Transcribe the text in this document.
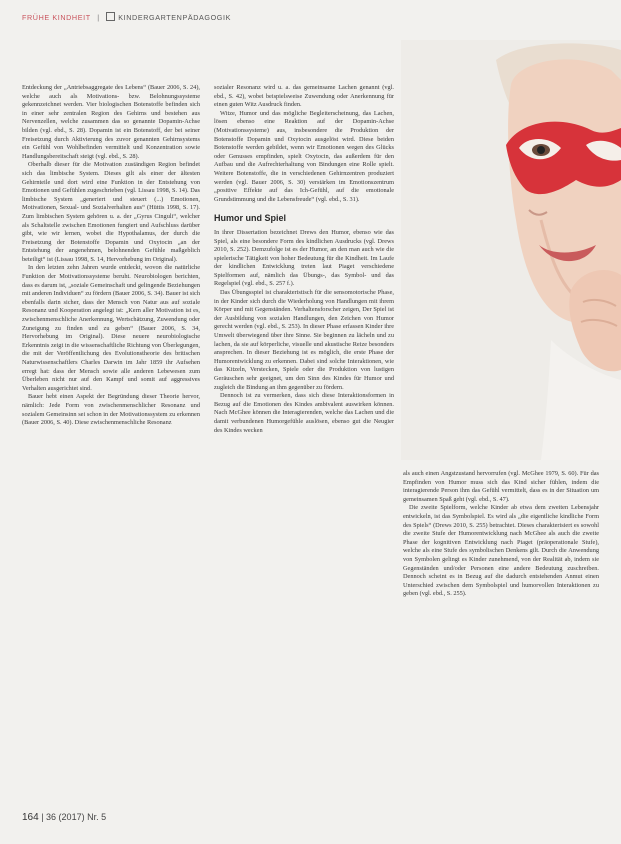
FRÜHE KINDHEIT |	KINDERGARTENPÄDAGOGIK

Entdeckung der „Antriebsaggregate des Lebens“ (Bauer 2006, S. 24), welche auch als Motivations- bzw. Belohnungssysteme gekennzeichnet werden. Vier biologischen Botenstoffe befinden sich in einer sehr zentralen Region des Gehirns und bestehen aus Nervenzellen, welche zusammen das so genannte Dopamin-Achse bilden (vgl. ebd., S. 28). Dopamin ist ein Botenstoff, der bei seiner Freisetzung durch Aktivierung des zuvor genannten Gehirnsystems ein Gefühl von Wohlbefinden vermittelt und Konzentration sowie Handlungsbereitschaft steigt (vgl. ebd., S. 28).

Oberhalb dieser für die Motivation zuständigen Region befindet sich das limbische System. Dieses gilt als einer der ältesten Gehirnteile und dort wird eine Funktion in der Entstehung von Emotionen und Gefühlen zugeschrieben (vgl. Lissau 1998, S. 14). Das limbische System „generiert und steuert (...) Emotionen, Motivationen, Sexual- und Sozialverhalten aus“ (Hüttis 1998, S. 17). Zum limbischen System gehören u. a. der „Gyrus Cinguli“, welcher als Schaltstelle zwischen Emotionen fungiert und Aufschluss darüber gibt, wie wir lernen, wobei die Hypothalamus, der durch die Freisetzung der Botenstoffe Dopamin und Oxytocin „an der Entstehung der angenehmen, belohnenden Gefühle maßgeblich beteiligt“ ist (Lissau 1998, S. 14, Hervorhebung im Original).

In den letzten zehn Jahren wurde entdeckt, wovon die natürliche Funktion der Motivationssysteme beruht. Neurobiologen berichten, dass es darum ist, „soziale Gemeinschaft und gelingende Beziehungen mit anderen Individuen“ zu fördern (Bauer 2006, S. 34). Bauer ist sich ebenfalls darin sicher, dass der Mensch von Natur aus auf soziale Resonanz und Kooperation angelegt ist: „Kern aller Motivation ist es, zwischenmenschliche Anerkennung, Wertschätzung, Zuwendung oder Zuneigung zu finden und zu geben“ (Bauer 2006, S. 34, Hervorhebung im Original). Diese neuere neurobiologische Erkenntnis zeigt in die wissenschaftliche Richtung von Überlegungen, die mit der Veröffentlichung des Evolutionstheorie des britischen Naturwissenschaftlers Charles Darwin im Jahr 1859 ihr Aufsehen erregt hat: dass der Mensch sowie alle anderen Lebewesen zum Überleben nicht nur auf den Kampf und somit auf aggressives Verhalten ausgerichtet sind.

Bauer hebt einen Aspekt der Begründung dieser Theorie hervor, nämlich: Jede Form von zwischenmenschlicher Resonanz und sozialem Gemeinsinn sei schon in der Motivationssystem zu erkennen (Bauer 2006, S. 40). Diese zwischenmenschliche Resonanz

sozialer Resonanz wird u. a. das gemeinsame Lachen genannt (vgl. ebd., S. 42), wobei beispielsweise Zuwendung oder Anerkennung für einen guten Witz Ausdruck finden.

Witze, Humor und das mögliche Begleiterscheinung, das Lachen, lösen ebenso eine Reaktion auf der Dopamin-Achse (Motivationssysteme) aus, insbesondere die Produktion der Botenstoffe Dopamin und Oxytocin ausgelöst wird. Diese beiden Botenstoffe werden gebildet, wenn wir Emotionen wegen des Glücks oder Genusses empfinden, spielt Oxytocin, das außerdem für den Aufbau und die Aufrechterhaltung von Bindungen eine Rolle spielt. Weitere Botenstoffe, die in verschiedenen Gehirnzentren produziert werden (vgl. Bauer 2006, S. 30) verstärken im Emotionszentrum „positive Effekte auf das Ich-Gefühl, auf die emotionale Grundstimmung und die Lebensfreude“ (vgl. ebd., S. 31).

Humor und Spiel

In ihrer Dissertation bezeichnet Drews den Humor, ebenso wie das Spiel, als eine besondere Form des kindlichen Ausdrucks (vgl. Drews 2010, S. 252). Demzufolge ist es der Humor, an den man auch wie die spielerische Tätigkeit von hoher Bedeutung für die Kindheit. Im Laufe der kindlichen Entwicklung treten laut Piaget verschiedene Spielformen auf, nämlich das Übungs-, das Symbol- und das Regelspiel (vgl. ebd., S. 257 f.).

Das Übungsspiel ist charakteristisch für die sensomotorische Phase, in der Kinder sich durch die Wiederholung von Handlungen mit ihrem Körper und mit Gegenständen. Verhaltensforscher zeigen, Der Spiel ist der Ausbildung von sozialen Handlungen, den Zeichen von Humor gerecht werden (vgl. ebd., S. 253). In dieser Phase erfassen Kinder ihre Umwelt überwiegend über ihre Sinne. Sie beginnen zu lächeln und zu lachen, da sie auf körperliche, visuelle und akustische Reize besonders ansprechen. In dieser Beziehung ist es möglich, die erste Phase der Humorentwicklung zu erkennen. Dabei sind solche Interaktionen, wie das Kitzeln, Verstecken, Spiele oder die Produktion von lustigen Geräuschen sehr geeignet, um den Sinn des Kindes für Humor und zugleich die Bindung an ihm gegenüber zu fördern.

Dennoch ist zu vermerken, dass sich diese Interaktionsformen in Bezug auf die Emotionen des Kindes ambivalent auswirken können. Nach McGhee können die Interagierenden, welche das Lachen und die damit verbundenen Humorgefühle auslösen, ebenso gut die Neugier des Kindes wecken

als auch einen Angstzustand hervorrufen (vgl. McGhee 1979, S. 60). Für das Empfinden von Humor muss sich das Kind sicher fühlen, indem die interagierende Person ihm das Gefühl vermittelt, dass es in der Situation um gemeinsamen Spaß geht (vgl. ebd., S. 47).

Die zweite Spielform, welche Kinder ab etwa dem zweiten Lebensjahr entwickeln, ist das Symbolspiel. Es wird als „die eigentliche kindliche Form des Spiels“ (Drews 2010, S. 255) betrachtet. Dieses charakterisiert es sowohl die zweite Stufe der Humorentwicklung nach McGhee als auch die zweite Phase der kognitiven Entwicklung nach Piaget (präoperationale Stufe), welche als eine Stufe des symbolischen Denkens gilt. Durch die Anwendung von Symbolen gelingt es Kinder zunehmend, von der Realität ab, indem sie Gegenständen und/oder Personen eine andere Bedeutung zuschreiben. Dennoch scheint es in Bezug auf die dadurch entstehenden Anmut einen Unterschied zwischen dem Symbolspiel und humorvollen Interaktionen zu geben (vgl. ebd., S. 255).

164 | 36 (2017) Nr. 5
